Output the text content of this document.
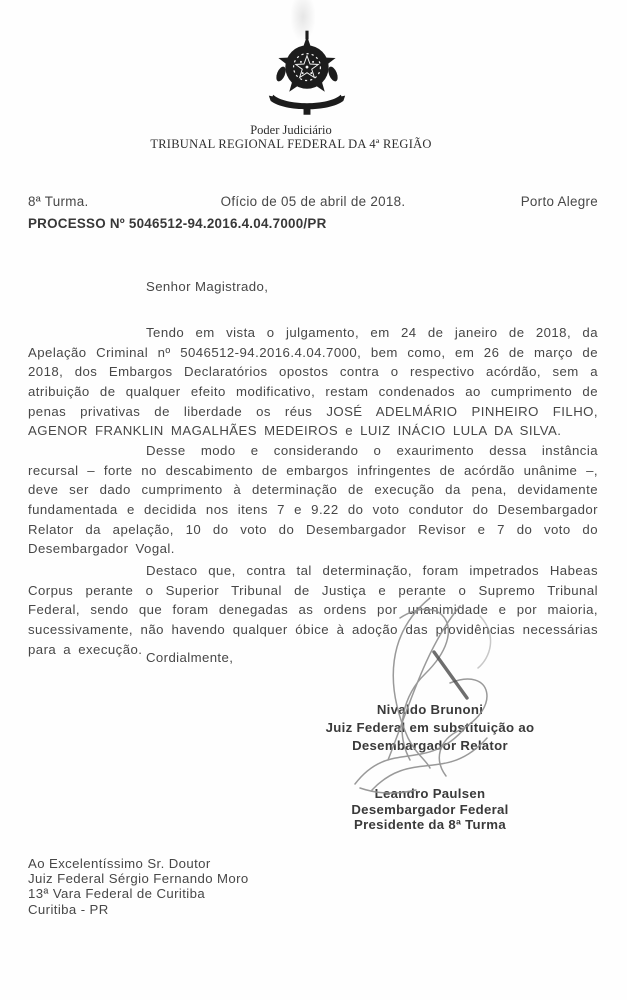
Poder Judiciário
TRIBUNAL REGIONAL FEDERAL DA 4ª REGIÃO
8ª Turma.	Ofício de 05 de abril de 2018.	Porto Alegre
PROCESSO Nº 5046512-94.2016.4.04.7000/PR
Senhor Magistrado,

Tendo em vista o julgamento, em 24 de janeiro de 2018, da Apelação Criminal nº 5046512-94.2016.4.04.7000, bem como, em 26 de março de 2018, dos Embargos Declaratórios opostos contra o respectivo acórdão, sem a atribuição de qualquer efeito modificativo, restam condenados ao cumprimento de penas privativas de liberdade os réus JOSÉ ADELMÁRIO PINHEIRO FILHO, AGENOR FRANKLIN MAGALHÃES MEDEIROS e LUIZ INÁCIO LULA DA SILVA.

Desse modo e considerando o exaurimento dessa instância recursal – forte no descabimento de embargos infringentes de acórdão unânime –, deve ser dado cumprimento à determinação de execução da pena, devidamente fundamentada e decidida nos itens 7 e 9.22 do voto condutor do Desembargador Relator da apelação, 10 do voto do Desembargador Revisor e 7 do voto do Desembargador Vogal.

Destaco que, contra tal determinação, foram impetrados Habeas Corpus perante o Superior Tribunal de Justiça e perante o Supremo Tribunal Federal, sendo que foram denegadas as ordens por unanimidade e por maioria, sucessivamente, não havendo qualquer óbice à adoção das providências necessárias para a execução.

Cordialmente,
Nivaldo Brunoni
Juiz Federal em substituição ao
Desembargador Relator
Leandro Paulsen
Desembargador Federal
Presidente da 8ª Turma
Ao Excelentíssimo Sr. Doutor
Juiz Federal Sérgio Fernando Moro
13ª Vara Federal de Curitiba
Curitiba - PR
